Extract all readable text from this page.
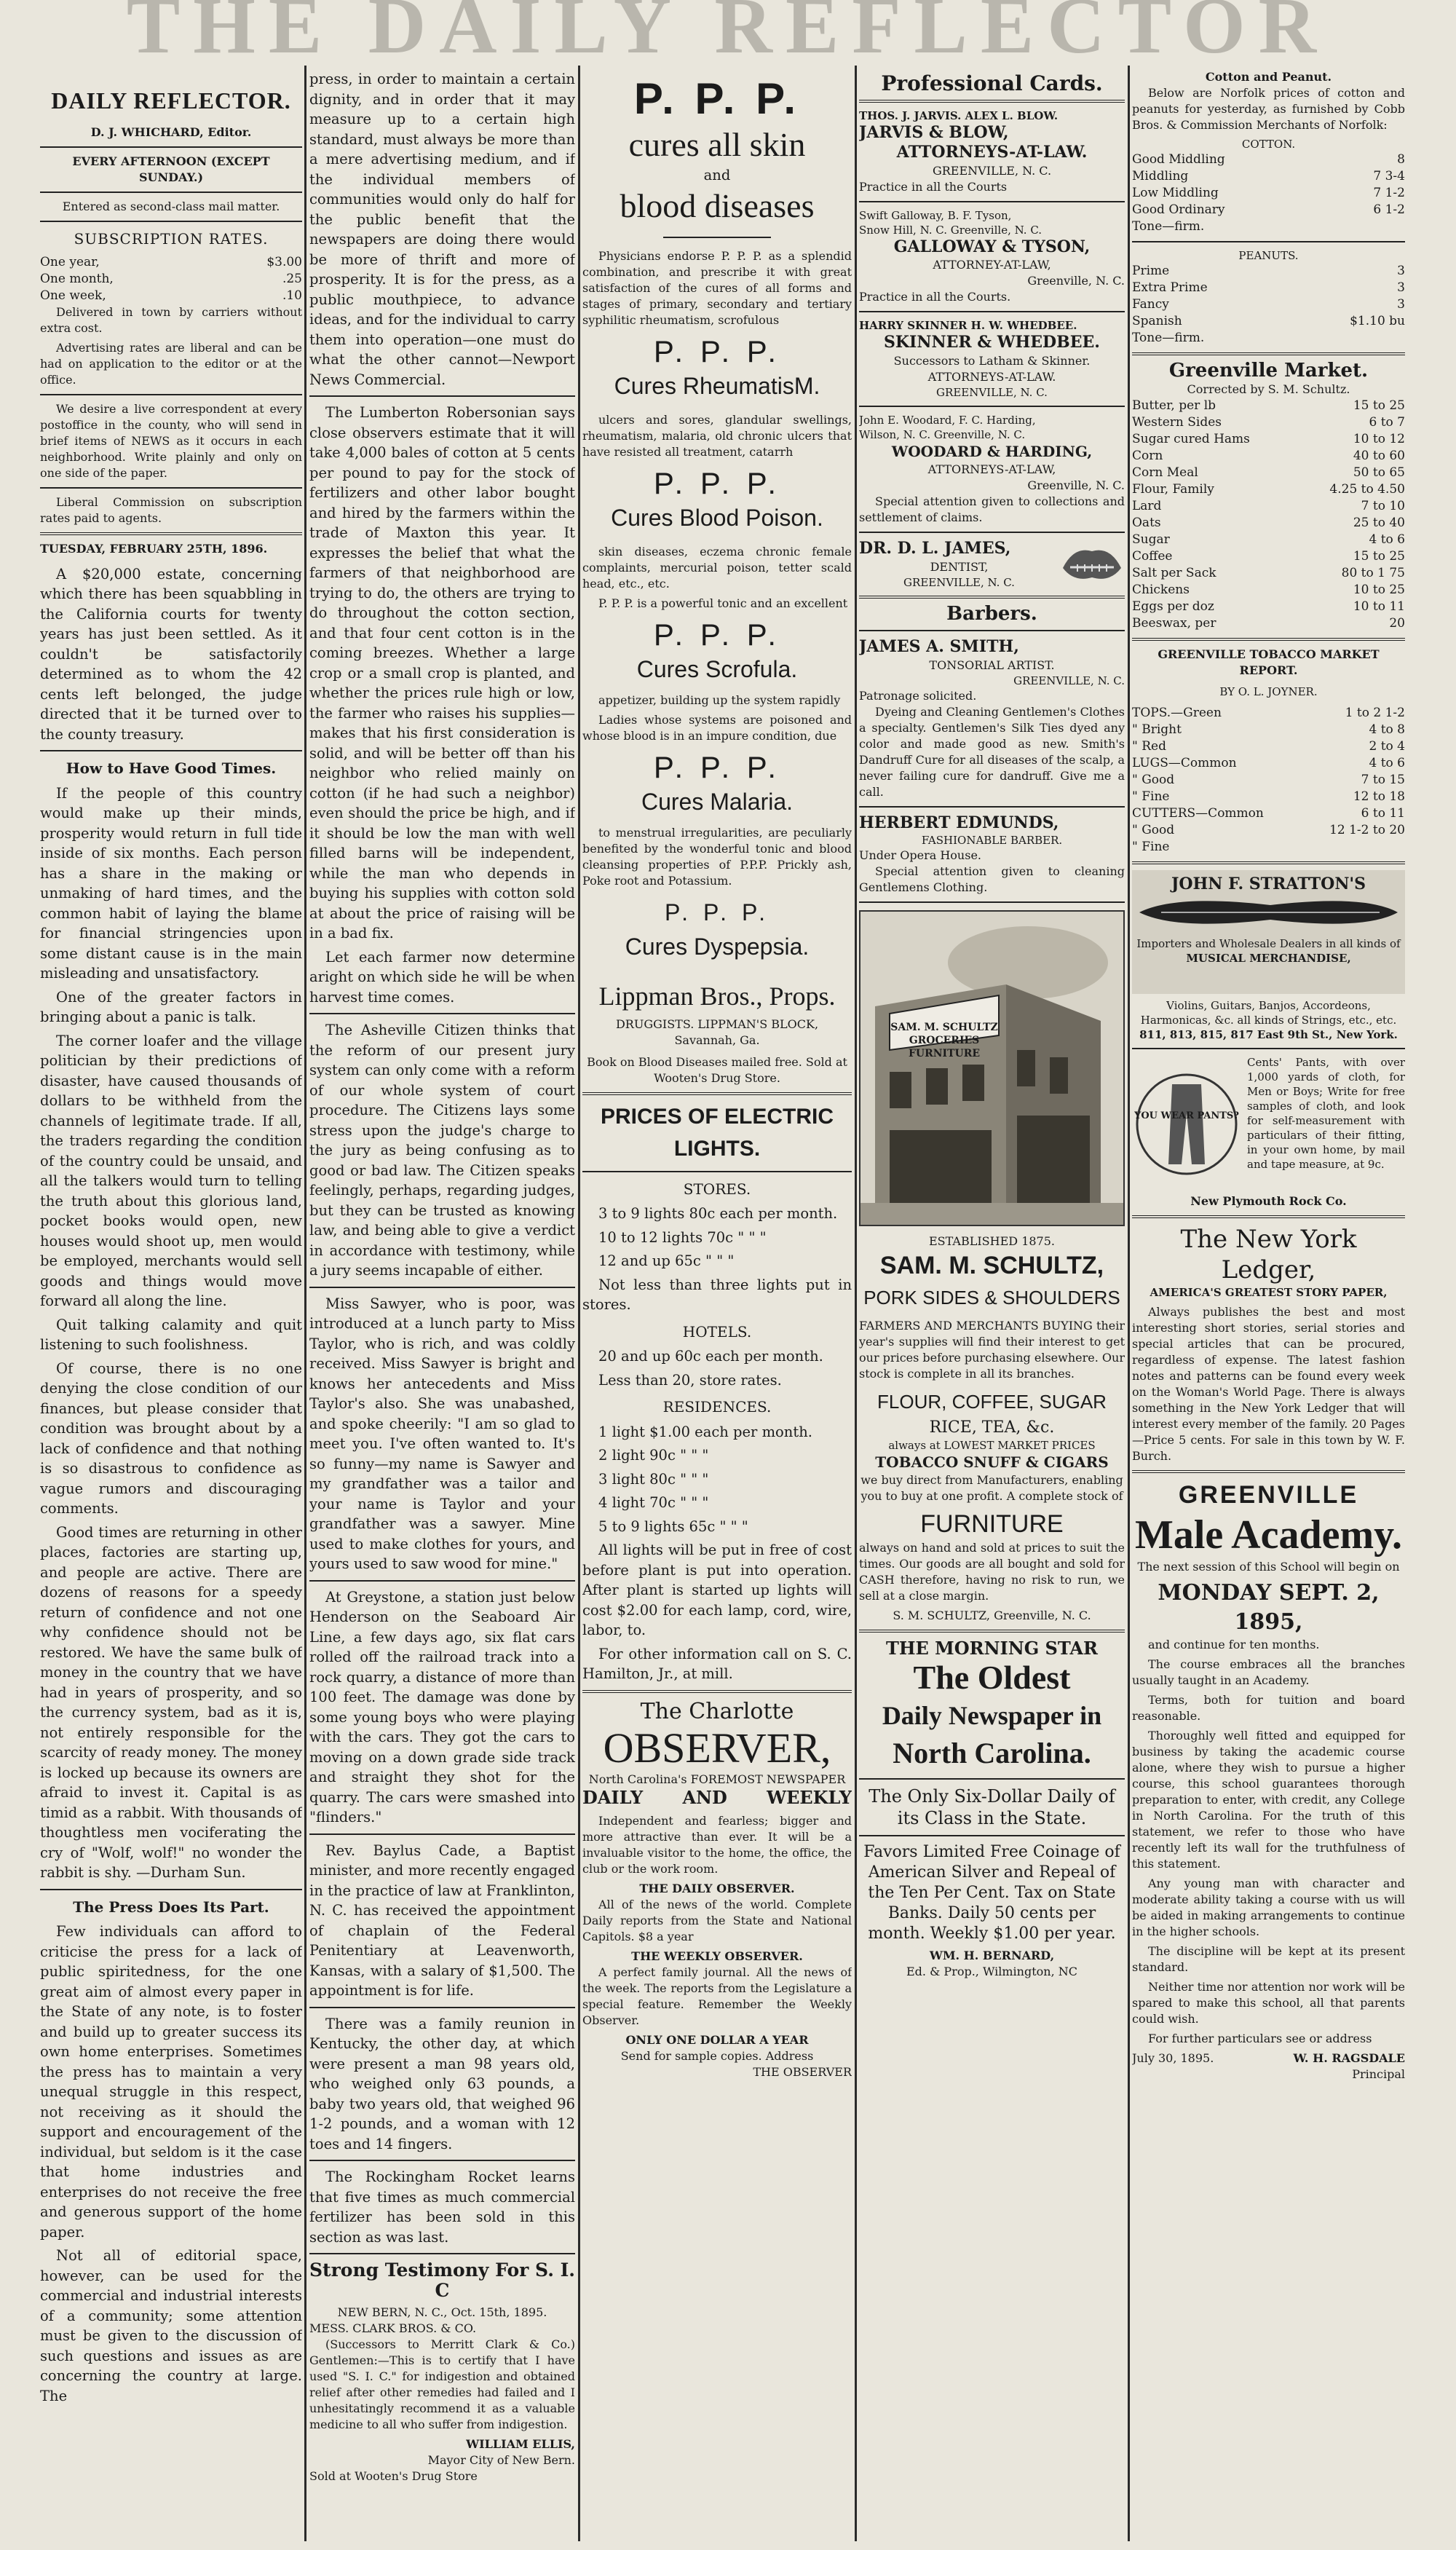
THE DAILY REFLECTOR
DAILY REFLECTOR.
D. J. WHICHARD, Editor.
EVERY AFTERNOON (EXCEPT SUNDAY.)
Entered as second-class mail matter.
SUBSCRIPTION RATES.
One year,	$3.00
One month,	.25
One week,	.10

Delivered in town by carriers without extra cost.

Advertising rates are liberal and can be had on application to the editor or at the office.

We desire a live correspondent at every postoffice in the county, who will send in brief items of NEWS as it occurs in each neighborhood. Write plainly and only on one side of the paper.

Liberal Commission on subscription rates paid to agents.

TUESDAY, FEBRUARY 25TH, 1896.

A $20,000 estate, concerning which there has been squabbling in the California courts for twenty years has just been settled. As it couldn't be satisfactorily determined as to whom the 42 cents left belonged, the judge directed that it be turned over to the county treasury.

How to Have Good Times.

If the people of this country would make up their minds, prosperity would return in full tide inside of six months. Each person has a share in the making or unmaking of hard times, and the common habit of laying the blame for financial stringencies upon some distant cause is in the main misleading and unsatisfactory.

One of the greater factors in bringing about a panic is talk.

The corner loafer and the village politician by their predictions of disaster, have caused thousands of dollars to be withheld from the channels of legitimate trade. If all, the traders regarding the condition of the country could be unsaid, and all the talkers would turn to telling the truth about this glorious land, pocket books would open, new houses would shoot up, men would be employed, merchants would sell goods and things would move forward all along the line.

Quit talking calamity and quit listening to such foolishness.

Of course, there is no one denying the close condition of our finances, but please consider that condition was brought about by a lack of confidence and that nothing is so disastrous to confidence as vague rumors and discouraging comments.

Good times are returning in other places, factories are starting up, and people are active. There are dozens of reasons for a speedy return of confidence and not one why confidence should not be restored. We have the same bulk of money in the country that we have had in years of prosperity, and so the currency system, bad as it is, not entirely responsible for the scarcity of ready money. The money is locked up because its owners are afraid to invest it. Capital is as timid as a rabbit. With thousands of thoughtless men vociferating the cry of "Wolf, wolf!" no wonder the rabbit is shy. —Durham Sun.

The Press Does Its Part.

Few individuals can afford to criticise the press for a lack of public spiritedness, for the one great aim of almost every paper in the State of any note, is to foster and build up to greater success its own home enterprises. Sometimes the press has to maintain a very unequal struggle in this respect, not receiving as it should the support and encouragement of the individual, but seldom is it the case that home industries and enterprises do not receive the free and generous support of the home paper.

Not all of editorial space, however, can be used for the commercial and industrial interests of a community; some attention must be given to the discussion of such questions and issues as are concerning the country at large. The

press, in order to maintain a certain dignity, and in order that it may measure up to a certain high standard, must always be more than a mere advertising medium, and if the individual members of communities would only do half for the public benefit that the newspapers are doing there would be more of thrift and more of prosperity. It is for the press, as a public mouthpiece, to advance ideas, and for the individual to carry them into operation—one must do what the other cannot—Newport News Commercial.

The Lumberton Robersonian says close observers estimate that it will take 4,000 bales of cotton at 5 cents per pound to pay for the stock of fertilizers and other labor bought and hired by the farmers within the trade of Maxton this year. It expresses the belief that what the farmers of that neighborhood are trying to do, the others are trying to do throughout the cotton section, and that four cent cotton is in the coming breezes. Whether a large crop or a small crop is planted, and whether the prices rule high or low, the farmer who raises his supplies—makes that his first consideration is solid, and will be better off than his neighbor who relied mainly on cotton (if he had such a neighbor) even should the price be high, and if it should be low the man with well filled barns will be independent, while the man who depends in buying his supplies with cotton sold at about the price of raising will be in a bad fix.

Let each farmer now determine aright on which side he will be when harvest time comes.

The Asheville Citizen thinks that the reform of our present jury system can only come with a reform of our whole system of court procedure. The Citizens lays some stress upon the judge's charge to the jury as being confusing as to good or bad law. The Citizen speaks feelingly, perhaps, regarding judges, but they can be trusted as knowing law, and being able to give a verdict in accordance with testimony, while a jury seems incapable of either.

Miss Sawyer, who is poor, was introduced at a lunch party to Miss Taylor, who is rich, and was coldly received. Miss Sawyer is bright and knows her antecedents and Miss Taylor's also. She was unabashed, and spoke cheerily: "I am so glad to meet you. I've often wanted to. It's so funny—my name is Sawyer and my grandfather was a tailor and your name is Taylor and your grandfather was a sawyer. Mine used to make clothes for yours, and yours used to saw wood for mine."

At Greystone, a station just below Henderson on the Seaboard Air Line, a few days ago, six flat cars rolled off the railroad track into a rock quarry, a distance of more than 100 feet. The damage was done by some young boys who were playing with the cars. They got the cars to moving on a down grade side track and straight they shot for the quarry. The cars were smashed into "flinders."

Rev. Baylus Cade, a Baptist minister, and more recently engaged in the practice of law at Franklinton, N. C. has received the appointment of chaplain of the Federal Penitentiary at Leavenworth, Kansas, with a salary of $1,500. The appointment is for life.

There was a family reunion in Kentucky, the other day, at which were present a man 98 years old, who weighed only 63 pounds, a baby two years old, that weighed 96 1-2 pounds, and a woman with 12 toes and 14 fingers.

The Rockingham Rocket learns that five times as much commercial fertilizer has been sold in this section as was last.

Strong Testimony For S. I. C
NEW BERN, N. C., Oct. 15th, 1895.
MESS. CLARK BROS. & CO.

(Successors to Merritt Clark & Co.) Gentlemen:—This is to certify that I have used "S. I. C." for indigestion and obtained relief after other remedies had failed and I unhesitatingly recommend it as a valuable medicine to all who suffer from indigestion.

WILLIAM ELLIS,
Mayor City of New Bern.
Sold at Wooten's Drug Store
P. P. P.
cures all skin
and
blood diseases

Physicians endorse P. P. P. as a splendid combination, and prescribe it with great satisfaction of the cures of all forms and stages of primary, secondary and tertiary syphilitic rheumatism, scrofulous

P. P. P.
Cures RheumatisM.

ulcers and sores, glandular swellings, rheumatism, malaria, old chronic ulcers that have resisted all treatment, catarrh

P. P. P.
Cures Blood Poison.

skin diseases, eczema chronic female complaints, mercurial poison, tetter scald head, etc., etc.

P. P. P. is a powerful tonic and an excellent

P. P. P.
Cures Scrofula.

appetizer, building up the system rapidly

Ladies whose systems are poisoned and whose blood is in an impure condition, due

P. P. P.
Cures Malaria.

to menstrual irregularities, are peculiarly benefited by the wonderful tonic and blood cleansing properties of P.P.P. Prickly ash, Poke root and Potassium.

P. P. P.
Cures Dyspepsia.
Lippman Bros., Props.
DRUGGISTS. LIPPMAN'S BLOCK,
Savannah, Ga.

Book on Blood Diseases mailed free. Sold at Wooten's Drug Store.

PRICES OF ELECTRIC LIGHTS.
STORES.

3 to 9 lights 80c each per month.

10 to 12 lights 70c " " "

12 and up 65c " " "

Not less than three lights put in stores.

HOTELS.

20 and up 60c each per month.

Less than 20, store rates.

RESIDENCES.

1 light $1.00 each per month.

2 light 90c " " "

3 light 80c " " "

4 light 70c " " "

5 to 9 lights 65c " " "

All lights will be put in free of cost before plant is put into operation. After plant is started up lights will cost $2.00 for each lamp, cord, wire, labor, to.

For other information call on S. C. Hamilton, Jr., at mill.

The Charlotte
OBSERVER,
North Carolina's FOREMOST NEWSPAPER
DAILY AND WEEKLY

Independent and fearless; bigger and more attractive than ever. It will be a invaluable visitor to the home, the office, the club or the work room.

THE DAILY OBSERVER.

All of the news of the world. Complete Daily reports from the State and National Capitols. $8 a year

THE WEEKLY OBSERVER.

A perfect family journal. All the news of the week. The reports from the Legislature a special feature. Remember the Weekly Observer.

ONLY ONE DOLLAR A YEAR
Send for sample copies. Address
THE OBSERVER
Professional Cards.
THOS. J. JARVIS. ALEX L. BLOW.
JARVIS & BLOW,
ATTORNEYS-AT-LAW.
GREENVILLE, N. C.
Practice in all the Courts
Swift Galloway, B. F. Tyson,
Snow Hill, N. C. Greenville, N. C.
GALLOWAY & TYSON,
ATTORNEY-AT-LAW,
Greenville, N. C.
Practice in all the Courts.
HARRY SKINNER H. W. WHEDBEE.
SKINNER & WHEDBEE.
Successors to Latham & Skinner.
ATTORNEYS-AT-LAW.
GREENVILLE, N. C.
John E. Woodard, F. C. Harding,
Wilson, N. C. Greenville, N. C.
WOODARD & HARDING,
ATTORNEYS-AT-LAW,
Greenville, N. C.

Special attention given to collections and settlement of claims.

DR. D. L. JAMES,
DENTIST,
GREENVILLE, N. C.
Barbers.
JAMES A. SMITH,
TONSORIAL ARTIST.
GREENVILLE, N. C.
Patronage solicited.

Dyeing and Cleaning Gentlemen's Clothes a specialty. Gentlemen's Silk Ties dyed any color and made good as new. Smith's Dandruff Cure for all diseases of the scalp, a never failing cure for dandruff. Give me a call.

HERBERT EDMUNDS,
FASHIONABLE BARBER.
Under Opera House.

Special attention given to cleaning Gentlemens Clothing.

SAM. M. SCHULTZ GROCERIES FURNITURE
ESTABLISHED 1875.
SAM. M. SCHULTZ,
PORK SIDES & SHOULDERS

FARMERS AND MERCHANTS BUYING their year's supplies will find their interest to get our prices before purchasing elsewhere. Our stock is complete in all its branches.

FLOUR, COFFEE, SUGAR
RICE, TEA, &c.
always at LOWEST MARKET PRICES
TOBACCO SNUFF & CIGARS

we buy direct from Manufacturers, enabling you to buy at one profit. A complete stock of

FURNITURE

always on hand and sold at prices to suit the times. Our goods are all bought and sold for CASH therefore, having no risk to run, we sell at a close margin.

S. M. SCHULTZ, Greenville, N. C.
THE MORNING STAR
The Oldest
Daily Newspaper in
North Carolina.
The Only Six-Dollar Daily of its Class in the State.

Favors Limited Free Coinage of American Silver and Repeal of the Ten Per Cent. Tax on State Banks. Daily 50 cents per month. Weekly $1.00 per year.

WM. H. BERNARD,
Ed. & Prop., Wilmington, NC
Cotton and Peanut.

Below are Norfolk prices of cotton and peanuts for yesterday, as furnished by Cobb Bros. & Commission Merchants of Norfolk:

COTTON.
Good Middling	8
Middling	7 3-4
Low Middling	7 1-2
Good Ordinary	6 1-2
Tone—firm.
PEANUTS.
Prime	3
Extra Prime	3
Fancy	3
Spanish	$1.10 bu
Tone—firm.
Greenville Market.
Corrected by S. M. Schultz.
Butter, per lb	15 to 25
Western Sides	6 to 7
Sugar cured Hams	10 to 12
Corn	40 to 60
Corn Meal	50 to 65
Flour, Family	4.25 to 4.50
Lard	7 to 10
Oats	25 to 40
Sugar	4 to 6
Coffee	15 to 25
Salt per Sack	80 to 1 75
Chickens	10 to 25
Eggs per doz	10 to 11
Beeswax, per	20
GREENVILLE TOBACCO MARKET REPORT.
BY O. L. JOYNER.
TOPS.—Green	1 to 2 1-2
" Bright	4 to 8
" Red	2 to 4
LUGS—Common	4 to 6
" Good	7 to 15
" Fine	12 to 18
CUTTERS—Common	6 to 11
" Good	12 1-2 to 20
" Fine
JOHN F. STRATTON'S
Importers and Wholesale Dealers in all kinds of
MUSICAL MERCHANDISE,
Violins, Guitars, Banjos, Accordeons, Harmonicas, &c. all kinds of Strings, etc., etc.
811, 813, 815, 817 East 9th St., New York.
YOU WEAR PANTS?

Cents' Pants, with over 1,000 yards of cloth, for Men or Boys; Write for free samples of cloth, and look for self-measurement with particulars of their fitting, in your own home, by mail and tape measure, at 9c.

New Plymouth Rock Co.
The New York Ledger,
AMERICA'S GREATEST STORY PAPER,

Always publishes the best and most interesting short stories, serial stories and special articles that can be procured, regardless of expense. The latest fashion notes and patterns can be found every week on the Woman's World Page. There is always something in the New York Ledger that will interest every member of the family. 20 Pages—Price 5 cents. For sale in this town by W. F. Burch.

GREENVILLE
Male Academy.

The next session of this School will begin on

MONDAY SEPT. 2, 1895,

and continue for ten months.

The course embraces all the branches usually taught in an Academy.

Terms, both for tuition and board reasonable.

Thoroughly well fitted and equipped for business by taking the academic course alone, where they wish to pursue a higher course, this school guarantees thorough preparation to enter, with credit, any College in North Carolina. For the truth of this statement, we refer to those who have recently left its wall for the truthfulness of this statement.

Any young man with character and moderate ability taking a course with us will be aided in making arrangements to continue in the higher schools.

The discipline will be kept at its present standard.

Neither time nor attention nor work will be spared to make this school, all that parents could wish.

For further particulars see or address

July 30, 1895.	W. H. RAGSDALE
Principal
